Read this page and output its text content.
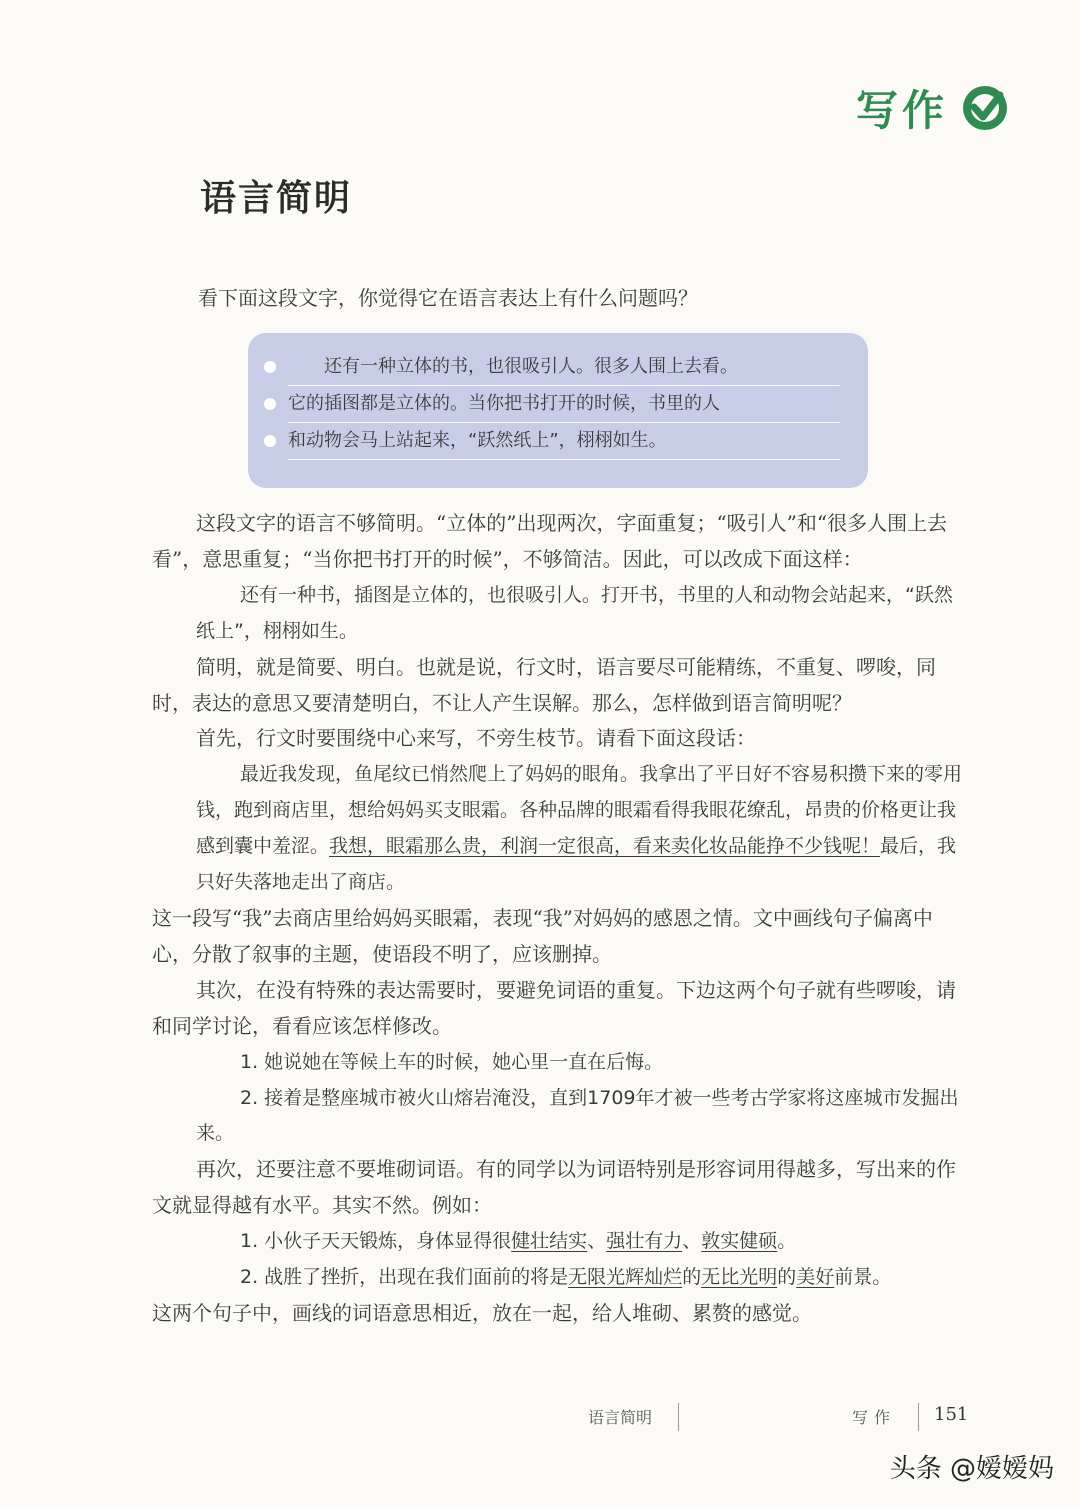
写作
语言简明
看下面这段文字，你觉得它在语言表达上有什么问题吗？
　　还有一种立体的书，也很吸引人。很多人围上去看。
它的插图都是立体的。当你把书打开的时候，书里的人
和动物会马上站起来，“跃然纸上”，栩栩如生。

这段文字的语言不够简明。“立体的”出现两次，字面重复；“吸引人”和“很多人围上去看”，意思重复；“当你把书打开的时候”，不够简洁。因此，可以改成下面这样：

还有一种书，插图是立体的，也很吸引人。打开书，书里的人和动物会站起来，“跃然纸上”，栩栩如生。

简明，就是简要、明白。也就是说，行文时，语言要尽可能精练，不重复、啰唆，同时，表达的意思又要清楚明白，不让人产生误解。那么，怎样做到语言简明呢？

首先，行文时要围绕中心来写，不旁生枝节。请看下面这段话：

最近我发现，鱼尾纹已悄然爬上了妈妈的眼角。我拿出了平日好不容易积攒下来的零用钱，跑到商店里，想给妈妈买支眼霜。各种品牌的眼霜看得我眼花缭乱，昂贵的价格更让我感到囊中羞涩。我想，眼霜那么贵，利润一定很高，看来卖化妆品能挣不少钱呢！最后，我只好失落地走出了商店。

这一段写“我”去商店里给妈妈买眼霜，表现“我”对妈妈的感恩之情。文中画线句子偏离中心，分散了叙事的主题，使语段不明了，应该删掉。

其次，在没有特殊的表达需要时，要避免词语的重复。下边这两个句子就有些啰唆，请和同学讨论，看看应该怎样修改。

1. 她说她在等候上车的时候，她心里一直在后悔。

2. 接着是整座城市被火山熔岩淹没，直到1709年才被一些考古学家将这座城市发掘出来。

再次，还要注意不要堆砌词语。有的同学以为词语特别是形容词用得越多，写出来的作文就显得越有水平。其实不然。例如：

1. 小伙子天天锻炼，身体显得很健壮结实、强壮有力、敦实健硕。

2. 战胜了挫折，出现在我们面前的将是无限光辉灿烂的无比光明的美好前景。

这两个句子中，画线的词语意思相近，放在一起，给人堆砌、累赘的感觉。

语言简明	写作 151
头条 @嫒嫒妈
